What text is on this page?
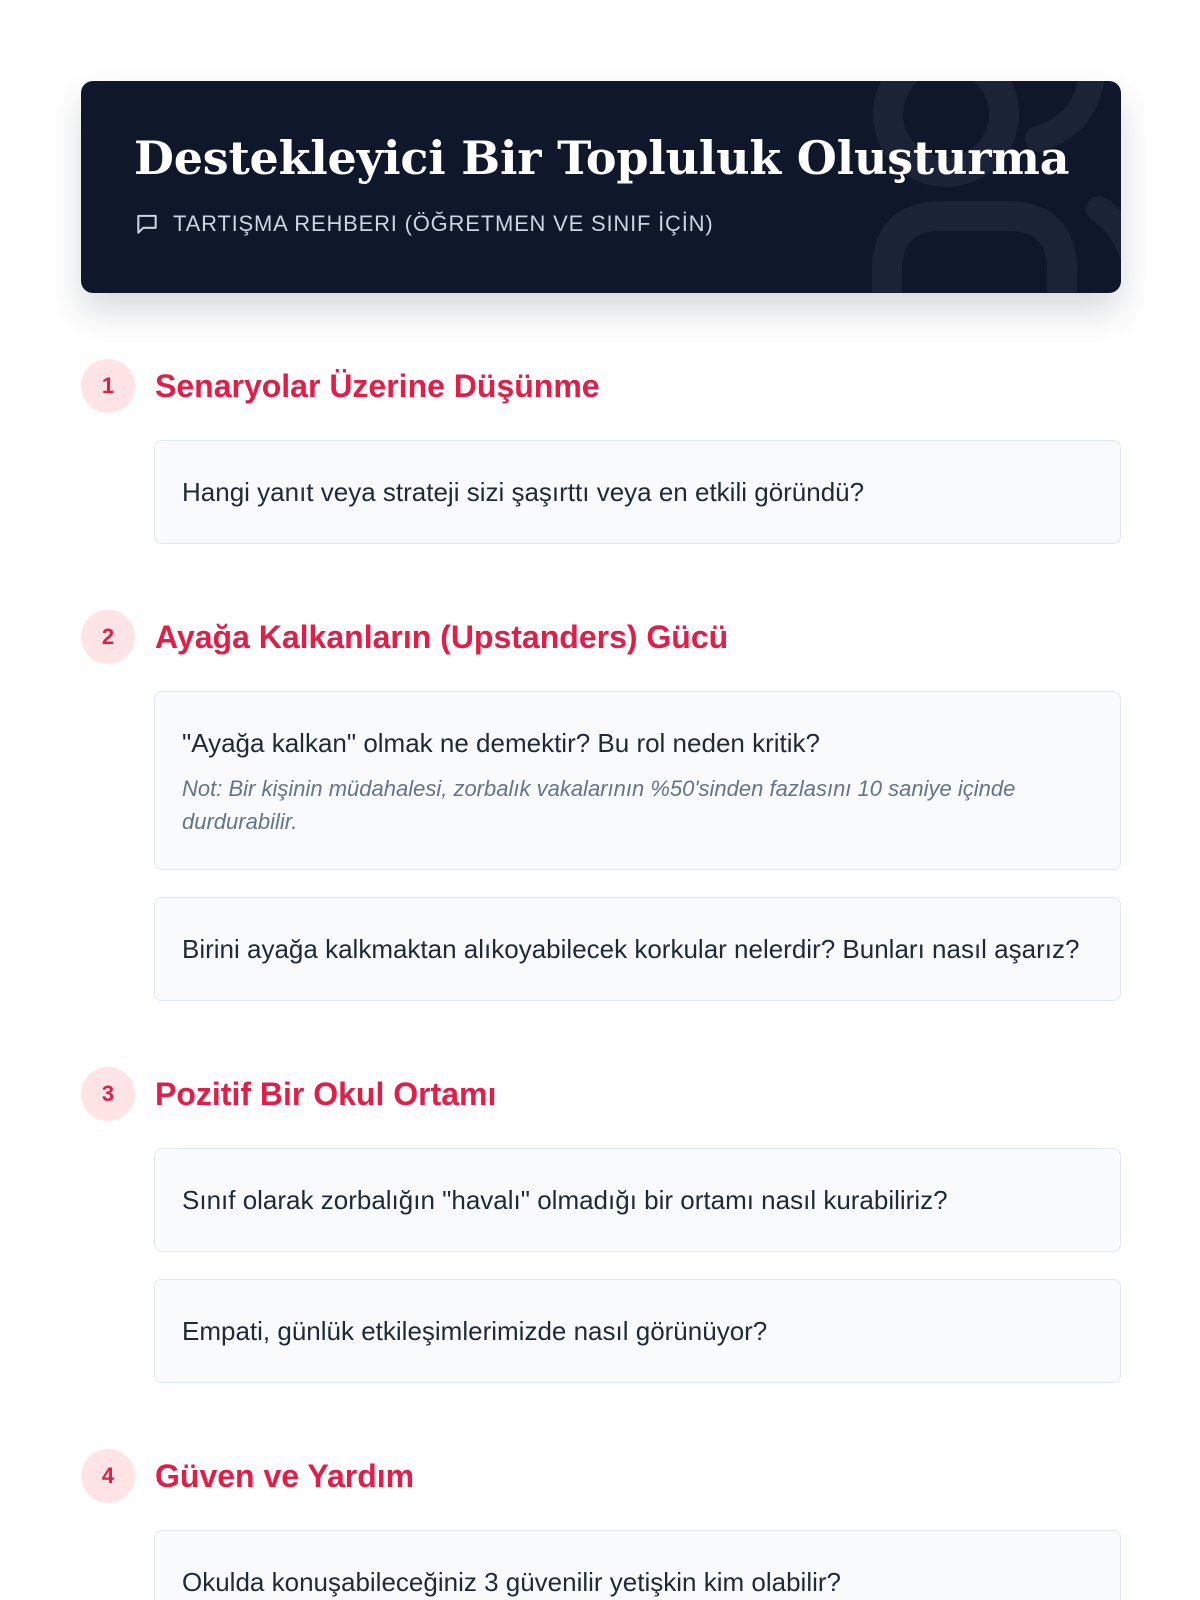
Destekleyici Bir Topluluk Oluşturma
TARTIŞMA REHBERI (ÖĞRETMEN VE SINIF İÇİN)
1	Senaryolar Üzerine Düşünme
Hangi yanıt veya strateji sizi şaşırttı veya en etkili göründü?
2	Ayağa Kalkanların (Upstanders) Gücü
"Ayağa kalkan" olmak ne demektir? Bu rol neden kritik?
Not: Bir kişinin müdahalesi, zorbalık vakalarının %50'sinden fazlasını 10 saniye içinde durdurabilir.
Birini ayağa kalkmaktan alıkoyabilecek korkular nelerdir? Bunları nasıl aşarız?
3	Pozitif Bir Okul Ortamı
Sınıf olarak zorbalığın "havalı" olmadığı bir ortamı nasıl kurabiliriz?
Empati, günlük etkileşimlerimizde nasıl görünüyor?
4	Güven ve Yardım
Okulda konuşabileceğiniz 3 güvenilir yetişkin kim olabilir?
